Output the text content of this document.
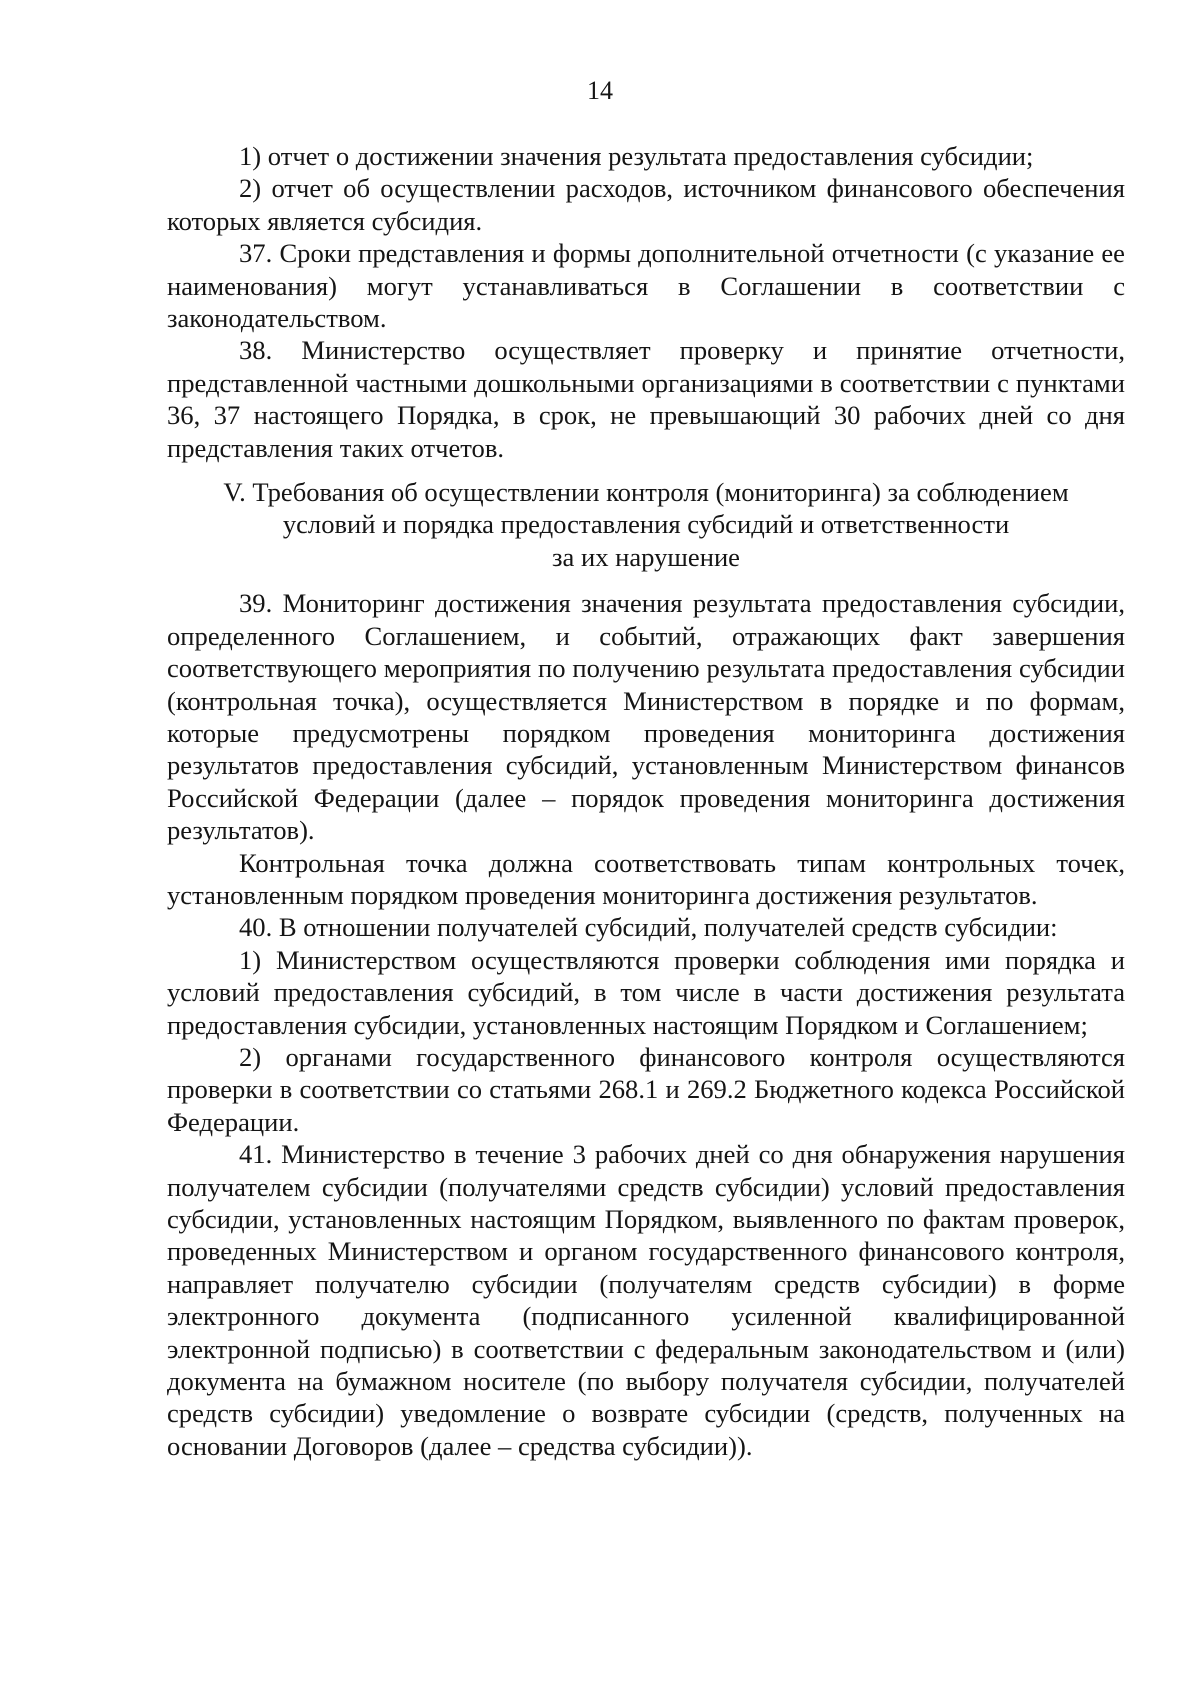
14

1) отчет о достижении значения результата предоставления субсидии;

2) отчет об осуществлении расходов, источником финансового обеспечения которых является субсидия.

37. Сроки представления и формы дополнительной отчетности (с указание ее наименования) могут устанавливаться в Соглашении в соответствии с законодательством.

38. Министерство осуществляет проверку и принятие отчетности, представленной частными дошкольными организациями в соответствии с пунктами 36, 37 настоящего Порядка, в срок, не превышающий 30 рабочих дней со дня представления таких отчетов.

V. Требования об осуществлении контроля (мониторинга) за соблюдением
условий и порядка предоставления субсидий и ответственности
за их нарушение

39. Мониторинг достижения значения результата предоставления субсидии, определенного Соглашением, и событий, отражающих факт завершения соответствующего мероприятия по получению результата предоставления субсидии (контрольная точка), осуществляется Министерством в порядке и по формам, которые предусмотрены порядком проведения мониторинга достижения результатов предоставления субсидий, установленным Министерством финансов Российской Федерации (далее – порядок проведения мониторинга достижения результатов).

Контрольная точка должна соответствовать типам контрольных точек, установленным порядком проведения мониторинга достижения результатов.

40. В отношении получателей субсидий, получателей средств субсидии:

1) Министерством осуществляются проверки соблюдения ими порядка и условий предоставления субсидий, в том числе в части достижения результата предоставления субсидии, установленных настоящим Порядком и Соглашением;

2) органами государственного финансового контроля осуществляются проверки в соответствии со статьями 268.1 и 269.2 Бюджетного кодекса Российской Федерации.

41. Министерство в течение 3 рабочих дней со дня обнаружения нарушения получателем субсидии (получателями средств субсидии) условий предоставления субсидии, установленных настоящим Порядком, выявленного по фактам проверок, проведенных Министерством и органом государственного финансового контроля, направляет получателю субсидии (получателям средств субсидии) в форме электронного документа (подписанного усиленной квалифицированной электронной подписью) в соответствии с федеральным законодательством и (или) документа на бумажном носителе (по выбору получателя субсидии, получателей средств субсидии) уведомление о возврате субсидии (средств, полученных на основании Договоров (далее – средства субсидии)).
